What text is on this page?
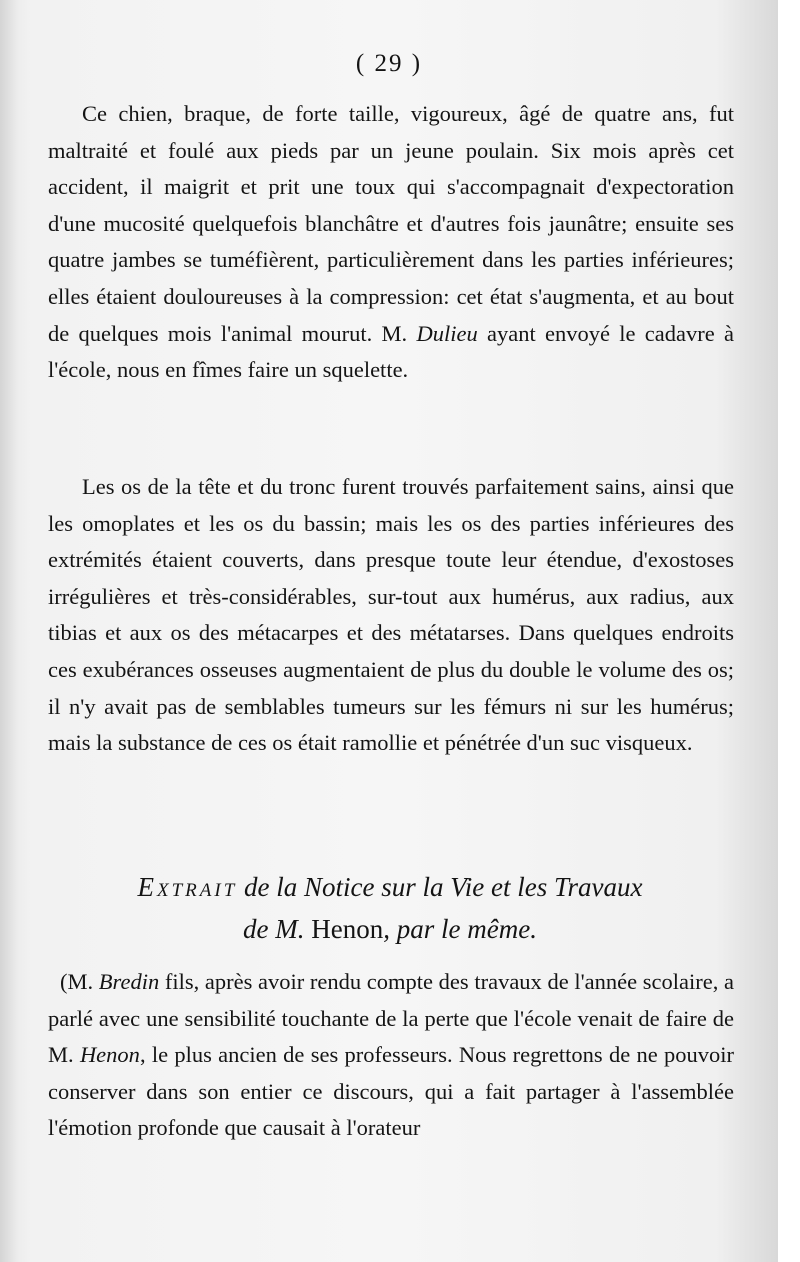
( 29 )
Ce chien, braque, de forte taille, vigoureux, âgé de quatre ans, fut maltraité et foulé aux pieds par un jeune poulain. Six mois après cet accident, il maigrit et prit une toux qui s'accompagnait d'expectoration d'une mucosité quelquefois blanchâtre et d'autres fois jaunâtre; ensuite ses quatre jambes se tuméfièrent, particulièrement dans les parties inférieures; elles étaient douloureuses à la compression: cet état s'augmenta, et au bout de quelques mois l'animal mourut. M. Dulieu ayant envoyé le cadavre à l'école, nous en fîmes faire un squelette.
Les os de la tête et du tronc furent trouvés parfaitement sains, ainsi que les omoplates et les os du bassin; mais les os des parties inférieures des extrémités étaient couverts, dans presque toute leur étendue, d'exostoses irrégulières et très-considérables, sur-tout aux humérus, aux radius, aux tibias et aux os des métacarpes et des métatarses. Dans quelques endroits ces exubérances osseuses augmentaient de plus du double le volume des os; il n'y avait pas de semblables tumeurs sur les fémurs ni sur les humérus; mais la substance de ces os était ramollie et pénétrée d'un suc visqueux.
Extrait de la Notice sur la Vie et les Travaux
de M. Henon, par le même.
(M. Bredin fils, après avoir rendu compte des travaux de l'année scolaire, a parlé avec une sensibilité touchante de la perte que l'école venait de faire de M. Henon, le plus ancien de ses professeurs. Nous regrettons de ne pouvoir conserver dans son entier ce discours, qui a fait partager à l'assemblée l'émotion profonde que causait à l'orateur
